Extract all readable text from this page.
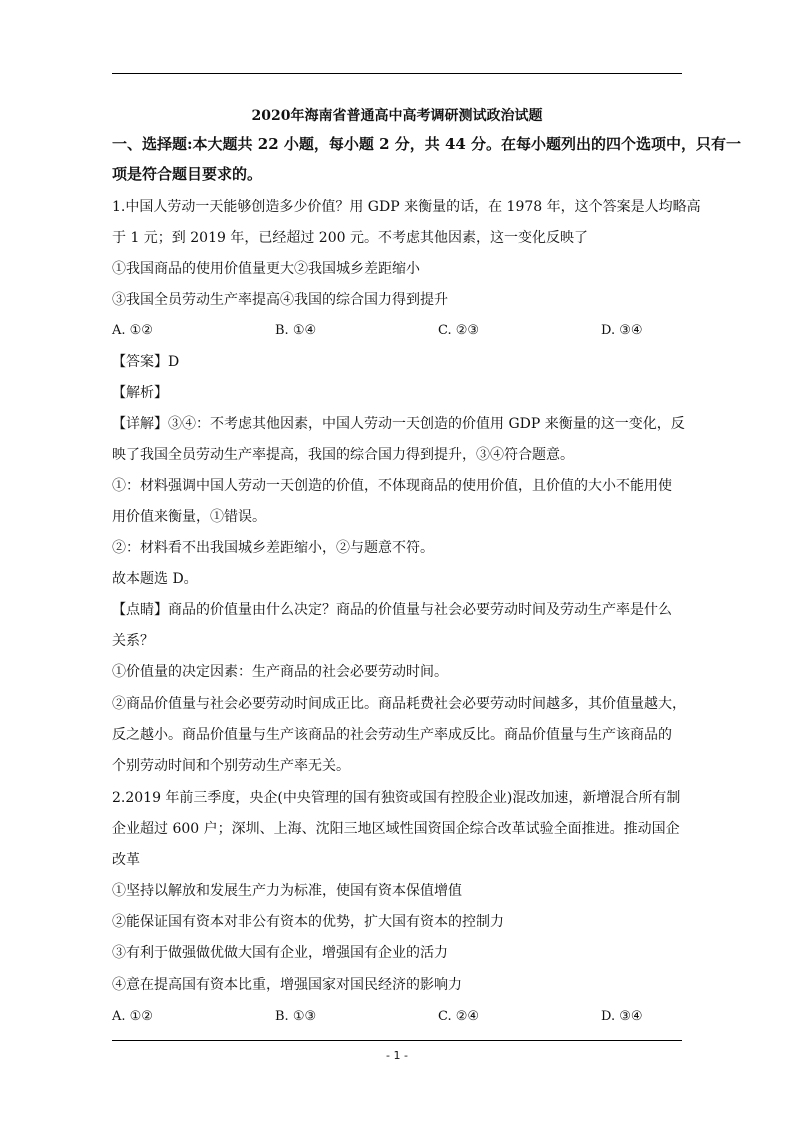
2020年海南省普通高中高考调研测试政治试题
一、选择题:本大题共 22 小题，每小题 2 分，共 44 分。在每小题列出的四个选项中，只有一
项是符合题目要求的。
1.中国人劳动一天能够创造多少价值？用 GDP 来衡量的话，在 1978 年，这个答案是人均略高
于 1 元；到 2019 年，已经超过 200 元。不考虑其他因素，这一变化反映了
①我国商品的使用价值量更大②我国城乡差距缩小
③我国全员劳动生产率提高④我国的综合国力得到提升
A. ①②	B. ①④	C. ②③	D. ③④
【答案】D
【解析】
【详解】③④：不考虑其他因素，中国人劳动一天创造的价值用 GDP 来衡量的这一变化，反
映了我国全员劳动生产率提高，我国的综合国力得到提升，③④符合题意。
①：材料强调中国人劳动一天创造的价值，不体现商品的使用价值，且价值的大小不能用使
用价值来衡量，①错误。
②：材料看不出我国城乡差距缩小，②与题意不符。
故本题选 D。
【点睛】商品的价值量由什么决定？商品的价值量与社会必要劳动时间及劳动生产率是什么
关系？
①价值量的决定因素：生产商品的社会必要劳动时间。
②商品价值量与社会必要劳动时间成正比。商品耗费社会必要劳动时间越多，其价值量越大，
反之越小。商品价值量与生产该商品的社会劳动生产率成反比。商品价值量与生产该商品的
个别劳动时间和个别劳动生产率无关。
2.2019 年前三季度，央企(中央管理的国有独资或国有控股企业)混改加速，新增混合所有制
企业超过 600 户；深圳、上海、沈阳三地区域性国资国企综合改革试验全面推进。推动国企
改革
①坚持以解放和发展生产力为标准，使国有资本保值增值
②能保证国有资本对非公有资本的优势，扩大国有资本的控制力
③有利于做强做优做大国有企业，增强国有企业的活力
④意在提高国有资本比重，增强国家对国民经济的影响力
A. ①②	B. ①③	C. ②④	D. ③④
- 1 -
